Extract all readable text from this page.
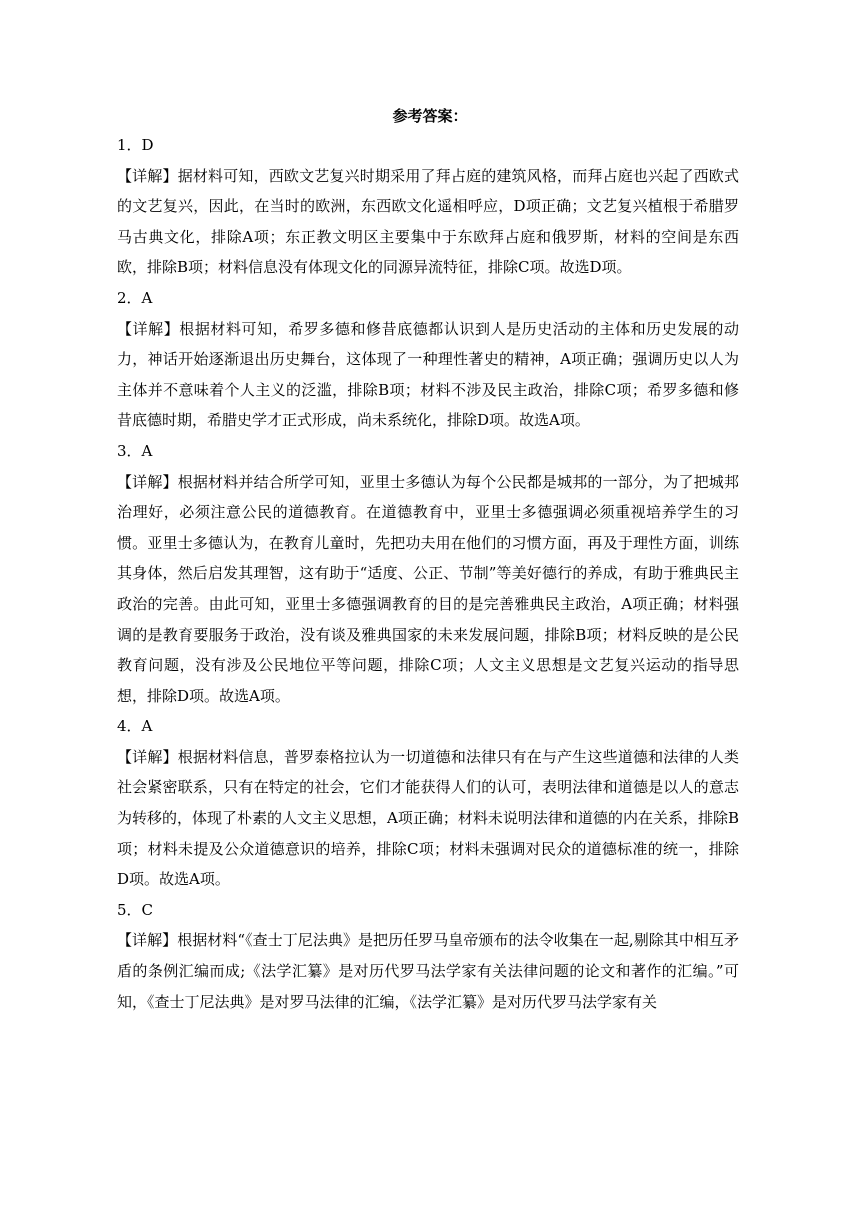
参考答案：

1．D

【详解】据材料可知，西欧文艺复兴时期采用了拜占庭的建筑风格，而拜占庭也兴起了西欧式的文艺复兴，因此，在当时的欧洲，东西欧文化遥相呼应，D项正确；文艺复兴植根于希腊罗马古典文化，排除A项；东正教文明区主要集中于东欧拜占庭和俄罗斯，材料的空间是东西欧，排除B项；材料信息没有体现文化的同源异流特征，排除C项。故选D项。

2．A

【详解】根据材料可知，希罗多德和修昔底德都认识到人是历史活动的主体和历史发展的动力，神话开始逐渐退出历史舞台，这体现了一种理性著史的精神，A项正确；强调历史以人为主体并不意味着个人主义的泛滥，排除B项；材料不涉及民主政治，排除C项；希罗多德和修昔底德时期，希腊史学才正式形成，尚未系统化，排除D项。故选A项。

3．A

【详解】根据材料并结合所学可知，亚里士多德认为每个公民都是城邦的一部分，为了把城邦治理好，必须注意公民的道德教育。在道德教育中，亚里士多德强调必须重视培养学生的习惯。亚里士多德认为，在教育儿童时，先把功夫用在他们的习惯方面，再及于理性方面，训练其身体，然后启发其理智，这有助于“适度、公正、节制”等美好德行的养成，有助于雅典民主政治的完善。由此可知，亚里士多德强调教育的目的是完善雅典民主政治，A项正确；材料强调的是教育要服务于政治，没有谈及雅典国家的未来发展问题，排除B项；材料反映的是公民教育问题，没有涉及公民地位平等问题，排除C项；人文主义思想是文艺复兴运动的指导思想，排除D项。故选A项。

4．A

【详解】根据材料信息，普罗泰格拉认为一切道德和法律只有在与产生这些道德和法律的人类社会紧密联系，只有在特定的社会，它们才能获得人们的认可，表明法律和道德是以人的意志为转移的，体现了朴素的人文主义思想，A项正确；材料未说明法律和道德的内在关系，排除B项；材料未提及公众道德意识的培养，排除C项；材料未强调对民众的道德标准的统一，排除D项。故选A项。

5．C

【详解】根据材料“《查士丁尼法典》是把历任罗马皇帝颁布的法令收集在一起,剔除其中相互矛盾的条例汇编而成;《法学汇纂》是对历代罗马法学家有关法律问题的论文和著作的汇编。”可知，《查士丁尼法典》是对罗马法律的汇编，《法学汇纂》是对历代罗马法学家有关
